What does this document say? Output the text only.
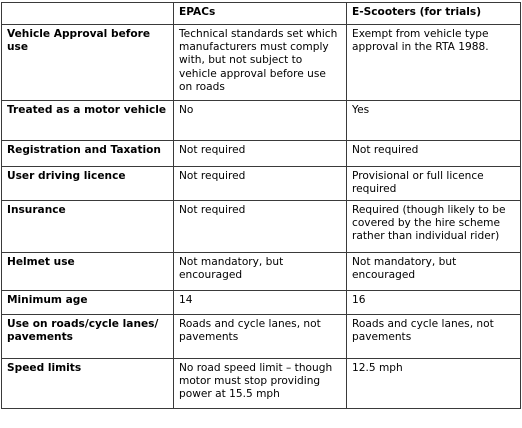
	EPACs	E-Scooters (for trials)
Vehicle Approval before use	Technical standards set which manufacturers must comply with, but not subject to vehicle approval before use on roads	Exempt from vehicle type approval in the RTA 1988.
Treated as a motor vehicle	No	Yes
Registration and Taxation	Not required	Not required
User driving licence	Not required	Provisional or full licence required
Insurance	Not required	Required (though likely to be covered by the hire scheme rather than individual rider)
Helmet use	Not mandatory, but encouraged	Not mandatory, but encouraged
Minimum age	14	16
Use on roads/cycle lanes/ pavements	Roads and cycle lanes, not pavements	Roads and cycle lanes, not pavements
Speed limits	No road speed limit – though motor must stop providing power at 15.5 mph	12.5 mph
